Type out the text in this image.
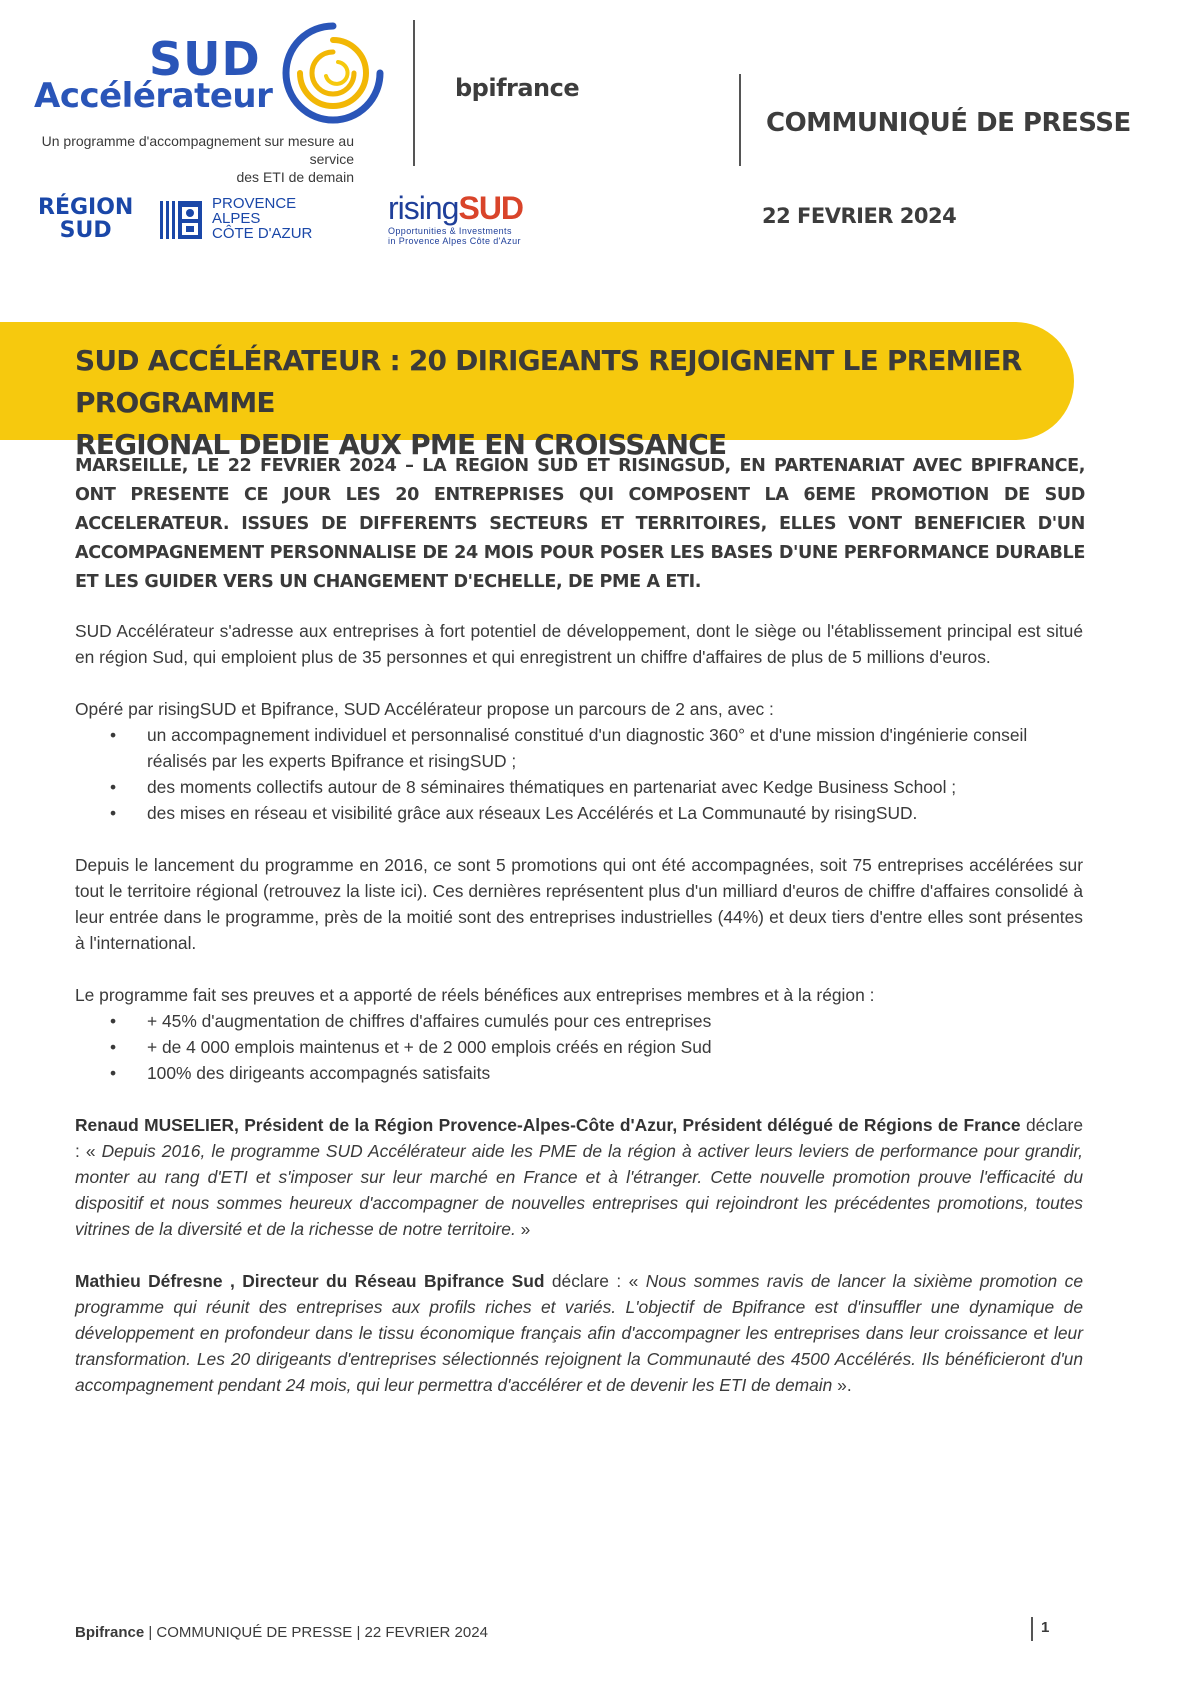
SUD
Accélérateur
Un programme d'accompagnement sur mesure au service
des ETI de demain
bpifrance
COMMUNIQUÉ DE PRESSE
22 FEVRIER 2024
RÉGION
SUD
PROVENCE
ALPES
CÔTE D'AZUR
risingSUD
Opportunities & Investments
in Provence Alpes Côte d'Azur
SUD ACCÉLÉRATEUR : 20 DIRIGEANTS REJOIGNENT LE PREMIER PROGRAMME
REGIONAL DEDIE AUX PME EN CROISSANCE
MARSEILLE, LE 22 FEVRIER 2024 – LA REGION SUD ET RISINGSUD, EN PARTENARIAT AVEC BPIFRANCE, ONT PRESENTE CE JOUR LES 20 ENTREPRISES QUI COMPOSENT LA 6EME PROMOTION DE SUD ACCELERATEUR. ISSUES DE DIFFERENTS SECTEURS ET TERRITOIRES, ELLES VONT BENEFICIER D'UN ACCOMPAGNEMENT PERSONNALISE DE 24 MOIS POUR POSER LES BASES D'UNE PERFORMANCE DURABLE ET LES GUIDER VERS UN CHANGEMENT D'ECHELLE, DE PME A ETI.

SUD Accélérateur s'adresse aux entreprises à fort potentiel de développement, dont le siège ou l'établissement principal est situé en région Sud, qui emploient plus de 35 personnes et qui enregistrent un chiffre d'affaires de plus de 5 millions d'euros.

Opéré par risingSUD et Bpifrance, SUD Accélérateur propose un parcours de 2 ans, avec :

• un accompagnement individuel et personnalisé constitué d'un diagnostic 360° et d'une mission d'ingénierie conseil réalisés par les experts Bpifrance et risingSUD ;
• des moments collectifs autour de 8 séminaires thématiques en partenariat avec Kedge Business School ;
• des mises en réseau et visibilité grâce aux réseaux Les Accélérés et La Communauté by risingSUD.

Depuis le lancement du programme en 2016, ce sont 5 promotions qui ont été accompagnées, soit 75 entreprises accélérées sur tout le territoire régional (retrouvez la liste ici). Ces dernières représentent plus d'un milliard d'euros de chiffre d'affaires consolidé à leur entrée dans le programme, près de la moitié sont des entreprises industrielles (44%) et deux tiers d'entre elles sont présentes à l'international.

Le programme fait ses preuves et a apporté de réels bénéfices aux entreprises membres et à la région :

• + 45% d'augmentation de chiffres d'affaires cumulés pour ces entreprises
• + de 4 000 emplois maintenus et + de 2 000 emplois créés en région Sud
• 100% des dirigeants accompagnés satisfaits

Renaud MUSELIER, Président de la Région Provence-Alpes-Côte d'Azur, Président délégué de Régions de France déclare : « Depuis 2016, le programme SUD Accélérateur aide les PME de la région à activer leurs leviers de performance pour grandir, monter au rang d'ETI et s'imposer sur leur marché en France et à l'étranger. Cette nouvelle promotion prouve l'efficacité du dispositif et nous sommes heureux d'accompagner de nouvelles entreprises qui rejoindront les précédentes promotions, toutes vitrines de la diversité et de la richesse de notre territoire. »

Mathieu Défresne , Directeur du Réseau Bpifrance Sud déclare : « Nous sommes ravis de lancer la sixième promotion ce programme qui réunit des entreprises aux profils riches et variés. L'objectif de Bpifrance est d'insuffler une dynamique de développement en profondeur dans le tissu économique français afin d'accompagner les entreprises dans leur croissance et leur transformation. Les 20 dirigeants d'entreprises sélectionnés rejoignent la Communauté des 4500 Accélérés. Ils bénéficieront d'un accompagnement pendant 24 mois, qui leur permettra d'accélérer et de devenir les ETI de demain ».

Bpifrance | COMMUNIQUÉ DE PRESSE | 22 FEVRIER 2024	1
